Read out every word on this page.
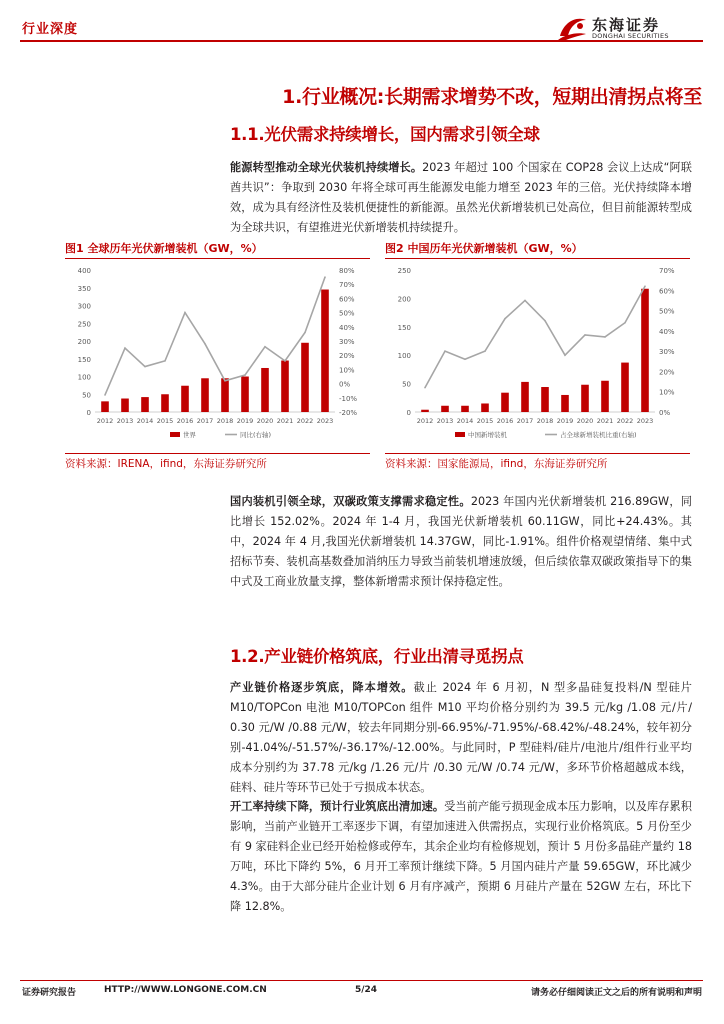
行业深度	东海证券
DONGHAI SECURITIES
1.行业概况:长期需求增势不改，短期出清拐点将至
1.1.光伏需求持续增长，国内需求引领全球
能源转型推动全球光伏装机持续增长。2023 年超过 100 个国家在 COP28 会议上达成“阿联酋共识”：争取到 2030 年将全球可再生能源发电能力增至 2023 年的三倍。光伏持续降本增效，成为具有经济性及装机便捷性的新能源。虽然光伏新增装机已处高位，但目前能源转型成为全球共识，有望推进光伏新增装机持续提升。
图1 全球历年光伏新增装机（GW，%）	图2 中国历年光伏新增装机（GW，%）
0
50
100
150
200
250
300
350
400
-20%
-10%
0%
10%
20%
30%
40%
50%
60%
70%
80%
2012 2013 2014 2015 2016 2017 2018 2019 2020 2021 2022 2023
世界	同比(右轴)
0
50
100
150
200
250
0%
10%
20%
30%
40%
50%
60%
70%
2012 2013 2014 2015 2016 2017 2018 2019 2020 2021 2022 2023
中国新增装机	占全球新增装机比重(右轴)
资料来源：IRENA，ifind，东海证券研究所	资料来源：国家能源局，ifind，东海证券研究所
国内装机引领全球，双碳政策支撑需求稳定性。2023 年国内光伏新增装机 216.89GW，同比增长 152.02%。2024 年 1-4 月，我国光伏新增装机 60.11GW，同比+24.43%。其中，2024 年 4 月,我国光伏新增装机 14.37GW，同比-1.91%。组件价格观望情绪、集中式招标节奏、装机高基数叠加消纳压力导致当前装机增速放缓，但后续依靠双碳政策指导下的集中式及工商业放量支撑，整体新增需求预计保持稳定性。
1.2.产业链价格筑底，行业出清寻觅拐点
产业链价格逐步筑底，降本增效。截止 2024 年 6 月初，N 型多晶硅复投料/N 型硅片 M10/TOPCon 电池 M10/TOPCon 组件 M10 平均价格分别约为 39.5 元/kg /1.08 元/片/ 0.30 元/W /0.88 元/W，较去年同期分别-66.95%/-71.95%/-68.42%/-48.24%，较年初分别-41.04%/-51.57%/-36.17%/-12.00%。与此同时，P 型硅料/硅片/电池片/组件行业平均成本分别约为 37.78 元/kg /1.26 元/片 /0.30 元/W /0.74 元/W，多环节价格超越成本线，硅料、硅片等环节已处于亏损成本状态。
开工率持续下降，预计行业筑底出清加速。受当前产能亏损现金成本压力影响，以及库存累积影响，当前产业链开工率逐步下调，有望加速进入供需拐点，实现行业价格筑底。5 月份至少有 9 家硅料企业已经开始检修或停车，其余企业均有检修规划，预计 5 月份多晶硅产量约 18 万吨，环比下降约 5%，6 月开工率预计继续下降。5 月国内硅片产量 59.65GW，环比减少 4.3%。由于大部分硅片企业计划 6 月有序减产，预期 6 月硅片产量在 52GW 左右，环比下降 12.8%。
证券研究报告	HTTP://WWW.LONGONE.COM.CN	5/24	请务必仔细阅读正文之后的所有说明和声明
